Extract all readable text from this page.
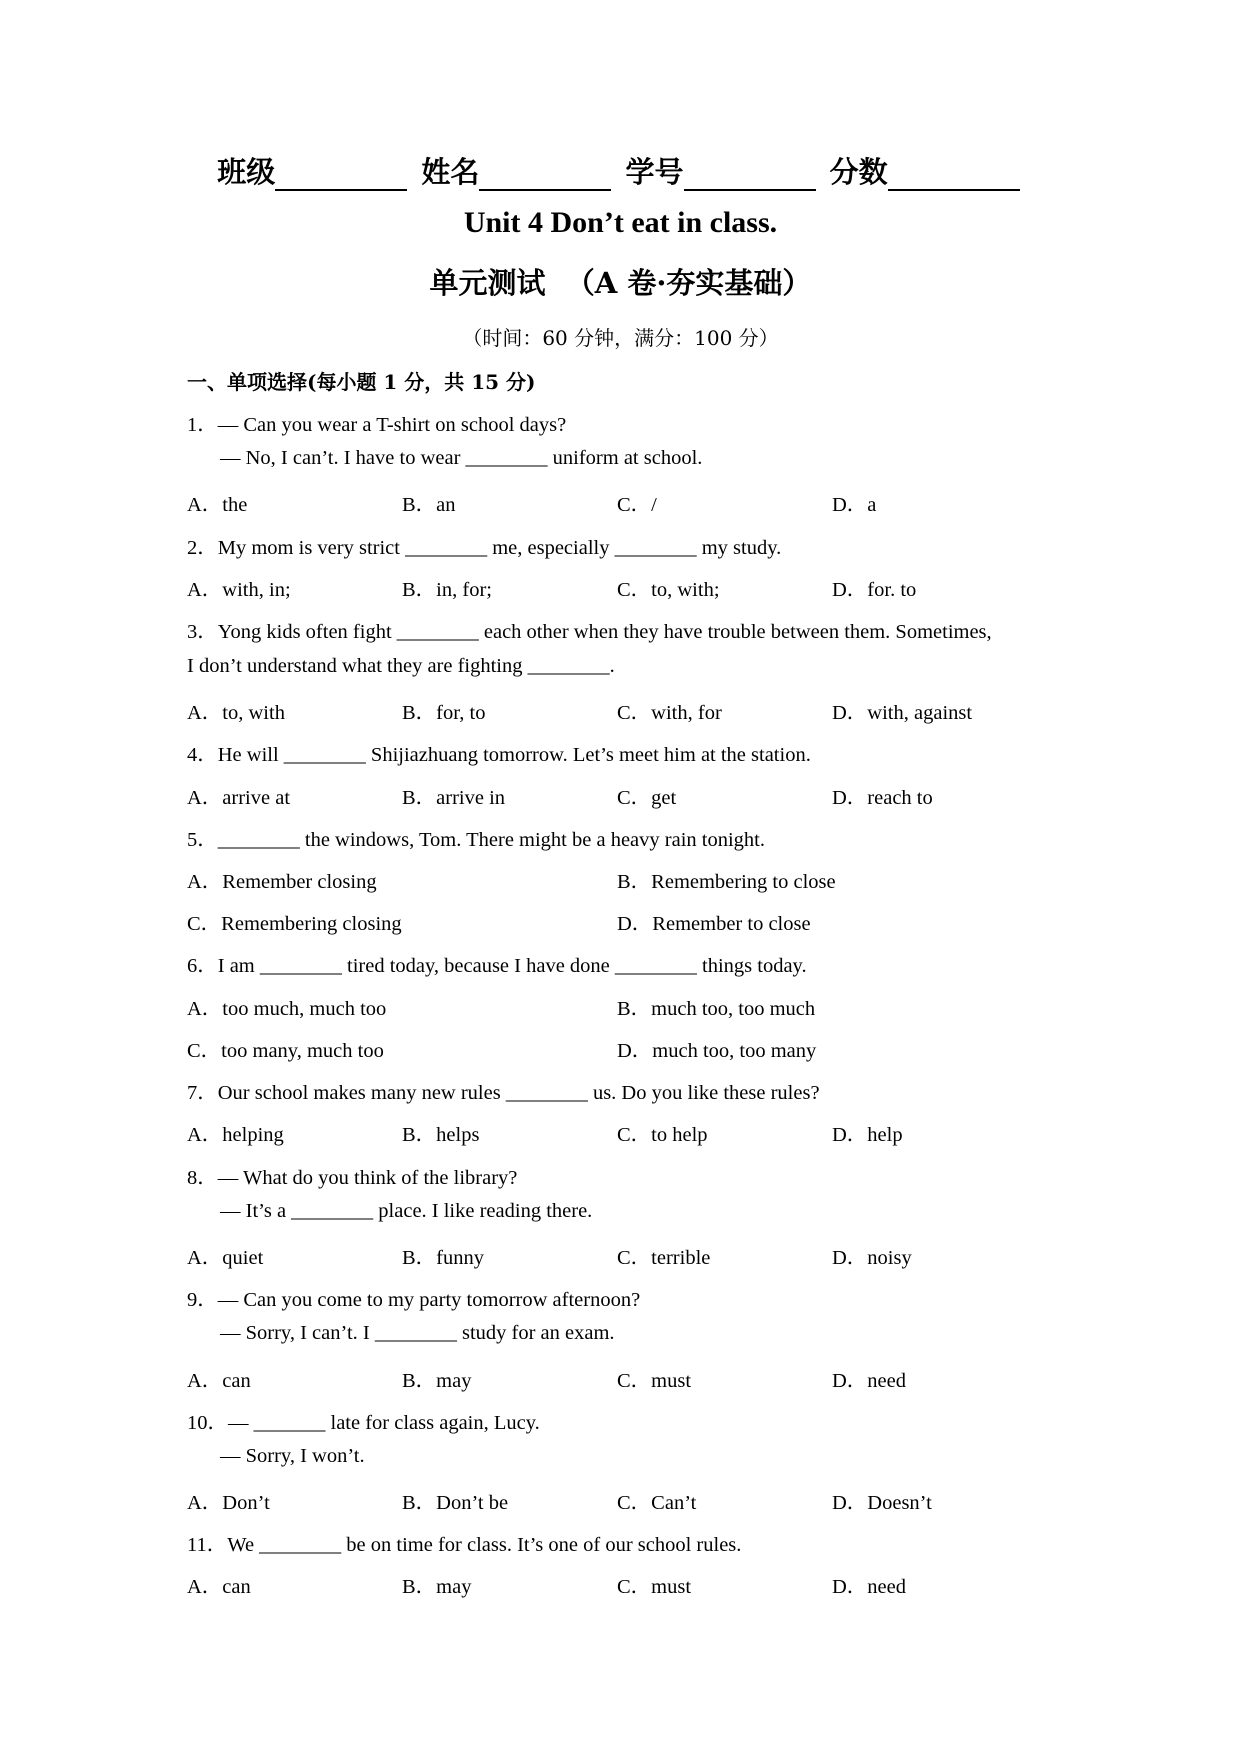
班级	姓名	学号	分数
Unit 4 Don’t eat in class.
单元测试  （A 卷·夯实基础）
（时间：60 分钟，满分：100 分）
一、单项选择(每小题 1 分，共 15 分)
1．— Can you wear a T-shirt on school days?
— No, I can’t. I have to wear ________ uniform at school.
A．the	B．an	C．/	D．a
2．My mom is very strict ________ me, especially ________ my study.
A．with, in;	B．in, for;	C．to, with;	D．for. to
3．Yong kids often fight ________ each other when they have trouble between them. Sometimes,
I don’t understand what they are fighting ________.
A．to, with	B．for, to	C．with, for	D．with, against
4．He will ________ Shijiazhuang tomorrow. Let’s meet him at the station.
A．arrive at	B．arrive in	C．get	D．reach to
5．________ the windows, Tom. There might be a heavy rain tonight.
A．Remember closing	B．Remembering to close
C．Remembering closing	D．Remember to close
6．I am ________ tired today, because I have done ________ things today.
A．too much, much too	B．much too, too much
C．too many, much too	D．much too, too many
7．Our school makes many new rules ________ us. Do you like these rules?
A．helping	B．helps	C．to help	D．help
8．— What do you think of the library?
— It’s a ________ place. I like reading there.
A．quiet	B．funny	C．terrible	D．noisy
9．— Can you come to my party tomorrow afternoon?
— Sorry, I can’t. I ________ study for an exam.
A．can	B．may	C．must	D．need
10．— _______ late for class again, Lucy.
— Sorry, I won’t.
A．Don’t	B．Don’t be	C．Can’t	D．Doesn’t
11．We ________ be on time for class. It’s one of our school rules.
A．can	B．may	C．must	D．need
